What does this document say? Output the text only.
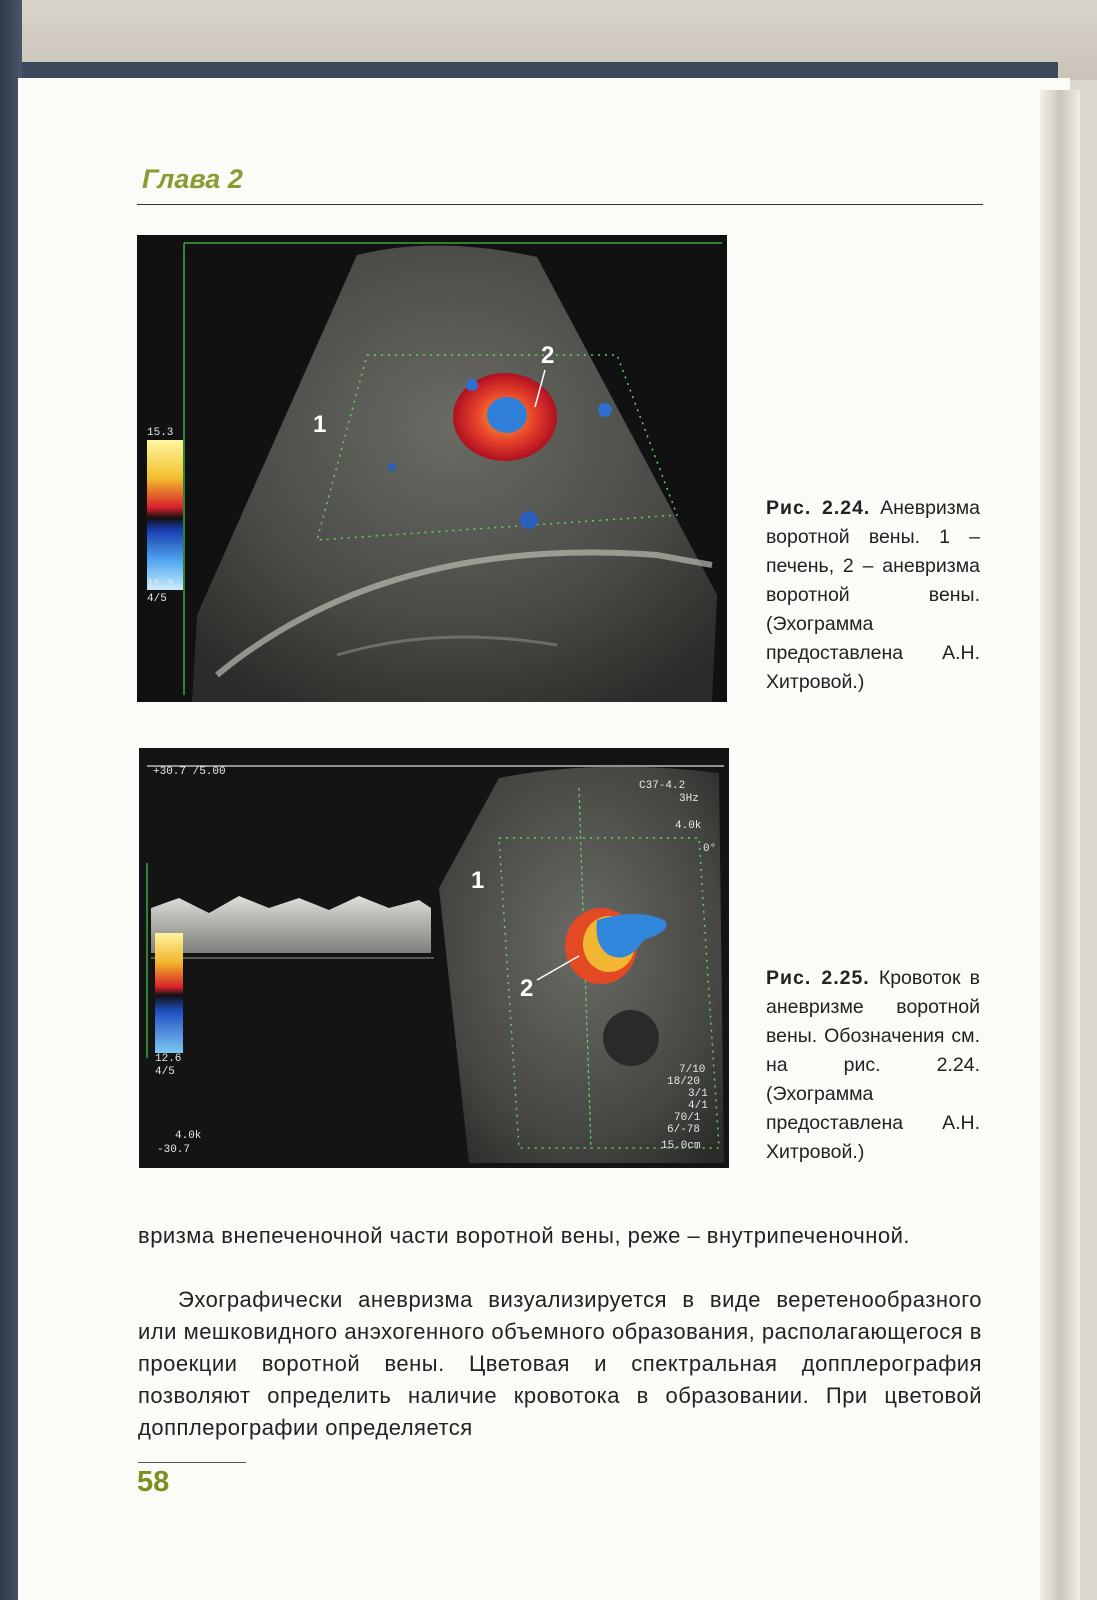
Глава 2
15.3
15.3
4/5
1
2
Рис. 2.24. Аневризма воротной вены. 1 – печень, 2 – аневризма воротной вены. (Эхограмма предоставлена А.Н. Хитровой.)
+30.7 /5.00
12.6
4/5
4.0k
-30.7
C37-4.2
3Hz
4.0k
0°
7/10
18/20
3/1
4/1
70/1
6/-78
15.0cm
1
2	Рис. 2.25. Кровоток в аневризме воротной вены. Обозначения см. на рис. 2.24. (Эхограмма предоставлена А.Н. Хитровой.)
вризма внепеченочной части воротной вены, реже – внутрипеченочной.
Эхографически аневризма визуализируется в виде веретенообразного или мешковидного анэхогенного объемного образования, располагающегося в проекции воротной вены. Цветовая и спектральная допплерография позволяют определить наличие кровотока в образовании. При цветовой допплерографии определяется
58
